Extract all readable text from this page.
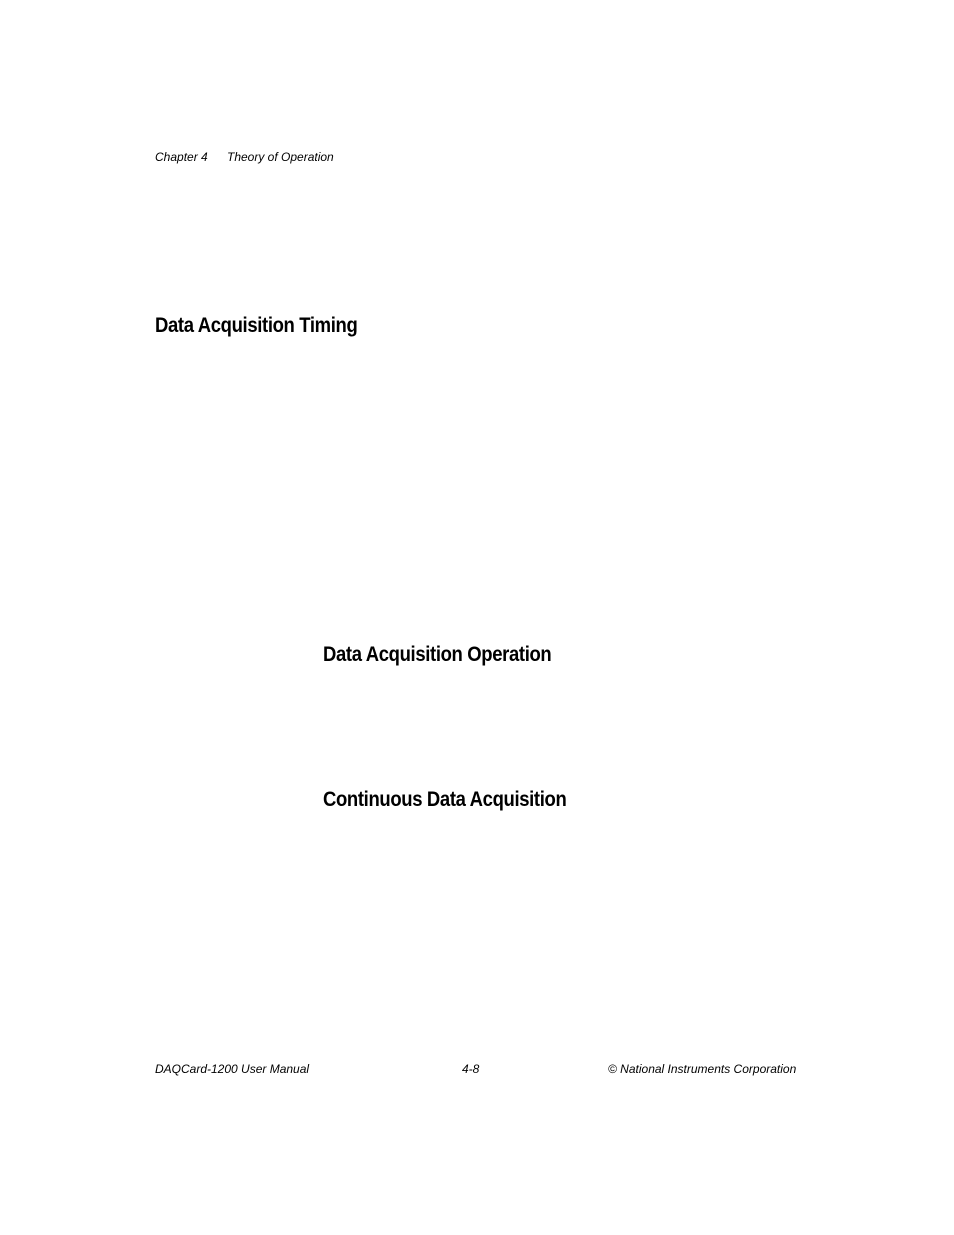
Chapter 4 Theory of Operation
Data Acquisition Timing
Data Acquisition Operation
Continuous Data Acquisition
DAQCard-1200 User Manual	4-8	© National Instruments Corporation
